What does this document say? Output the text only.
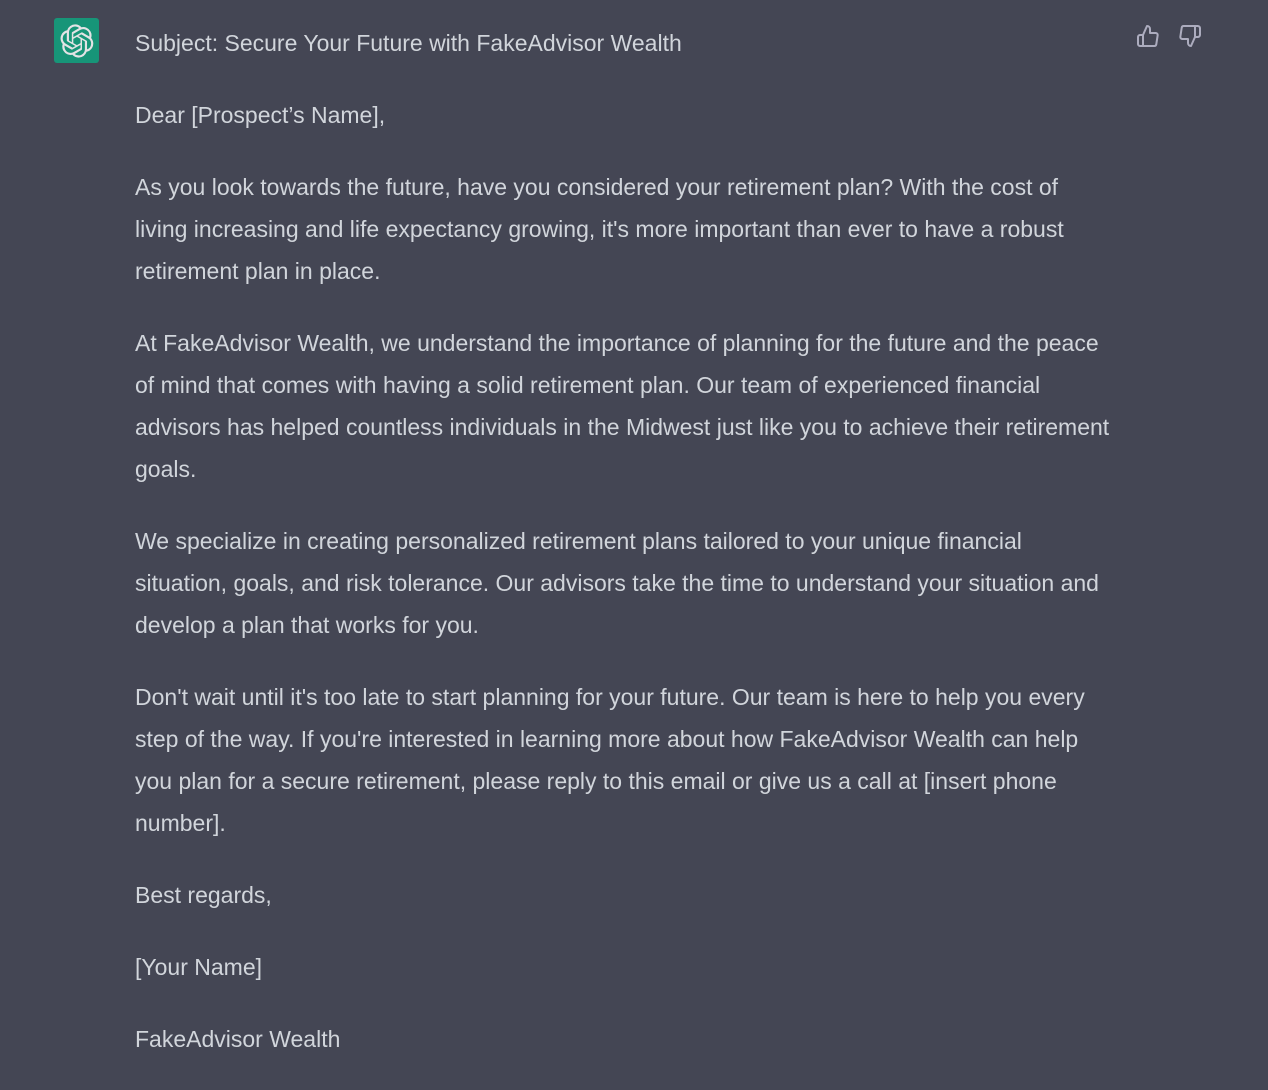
Subject: Secure Your Future with FakeAdvisor Wealth

Dear [Prospect’s Name],

As you look towards the future, have you considered your retirement plan? With the cost of living increasing and life expectancy growing, it's more important than ever to have a robust retirement plan in place.

At FakeAdvisor Wealth, we understand the importance of planning for the future and the peace of mind that comes with having a solid retirement plan. Our team of experienced financial advisors has helped countless individuals in the Midwest just like you to achieve their retirement goals.

We specialize in creating personalized retirement plans tailored to your unique financial situation, goals, and risk tolerance. Our advisors take the time to understand your situation and develop a plan that works for you.

Don't wait until it's too late to start planning for your future. Our team is here to help you every step of the way. If you're interested in learning more about how FakeAdvisor Wealth can help you plan for a secure retirement, please reply to this email or give us a call at [insert phone number].

Best regards,

[Your Name]

FakeAdvisor Wealth
